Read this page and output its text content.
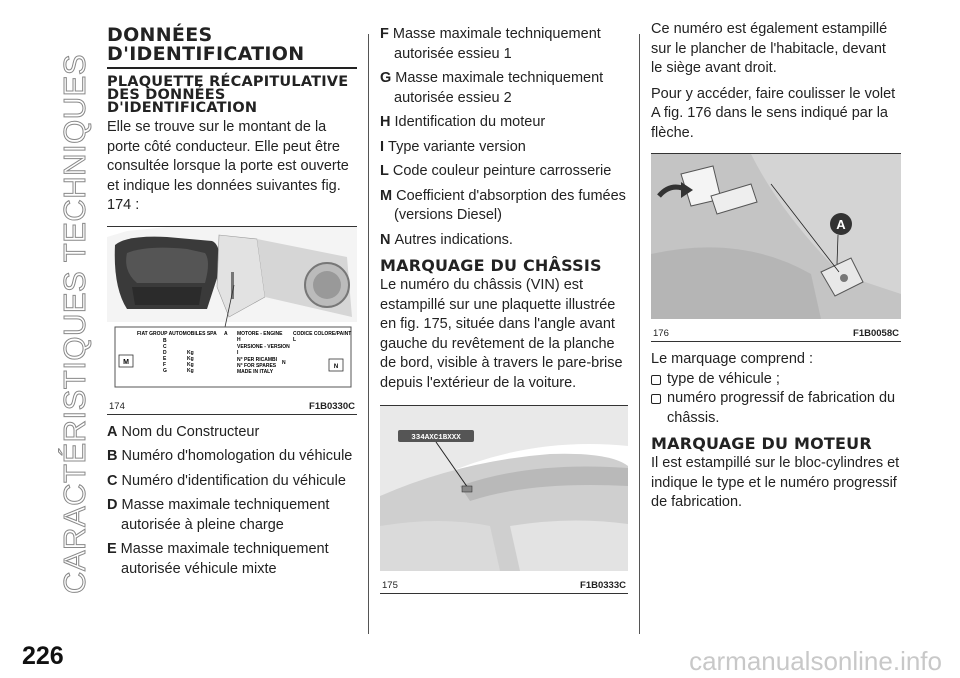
CARACTÉRISTIQUES TECHNIQUES
226	carmanualsonline.info
DONNÉES D'IDENTIFICATION
PLAQUETTE RÉCAPITULATIVE DES DONNÉES D'IDENTIFICATION

Elle se trouve sur le montant de la porte côté conducteur. Elle peut être consultée lorsque la porte est ouverte et indique les données suivantes fig. 174 :

M
FIAT GROUP AUTOMOBILES SPA A
B
C
D
E
F
G
Kg
Kg
Kg
Kg
MOTORE - ENGINE
H
CODICE COLORE/PAINT
L
VERSIONE - VERSION
I
N° PER RICAMBI
N° FOR SPARES N
MADE IN ITALY
N
174	F1B0330C
A Nom du Constructeur
B Numéro d'homologation du véhicule
C Numéro d'identification du véhicule
D Masse maximale techniquement autorisée à pleine charge
E Masse maximale techniquement autorisée véhicule mixte
F Masse maximale techniquement autorisée essieu 1
G Masse maximale techniquement autorisée essieu 2
H Identification du moteur
I Type variante version
L Code couleur peinture carrosserie
M Coefficient d'absorption des fumées (versions Diesel)
N Autres indications.
MARQUAGE DU CHÂSSIS

Le numéro du châssis (VIN) est estampillé sur une plaquette illustrée en fig. 175, située dans l'angle avant gauche du revêtement de la planche de bord, visible à travers le pare-brise depuis l'extérieur de la voiture.

334AXC1BXXX
175	F1B0333C

Ce numéro est également estampillé sur le plancher de l'habitacle, devant le siège avant droit.

Pour y accéder, faire coulisser le volet A fig. 176 dans le sens indiqué par la flèche.

A
176	F1B0058C

Le marquage comprend :

type de véhicule ;
numéro progressif de fabrication du châssis.
MARQUAGE DU MOTEUR

Il est estampillé sur le bloc-cylindres et indique le type et le numéro progressif de fabrication.
